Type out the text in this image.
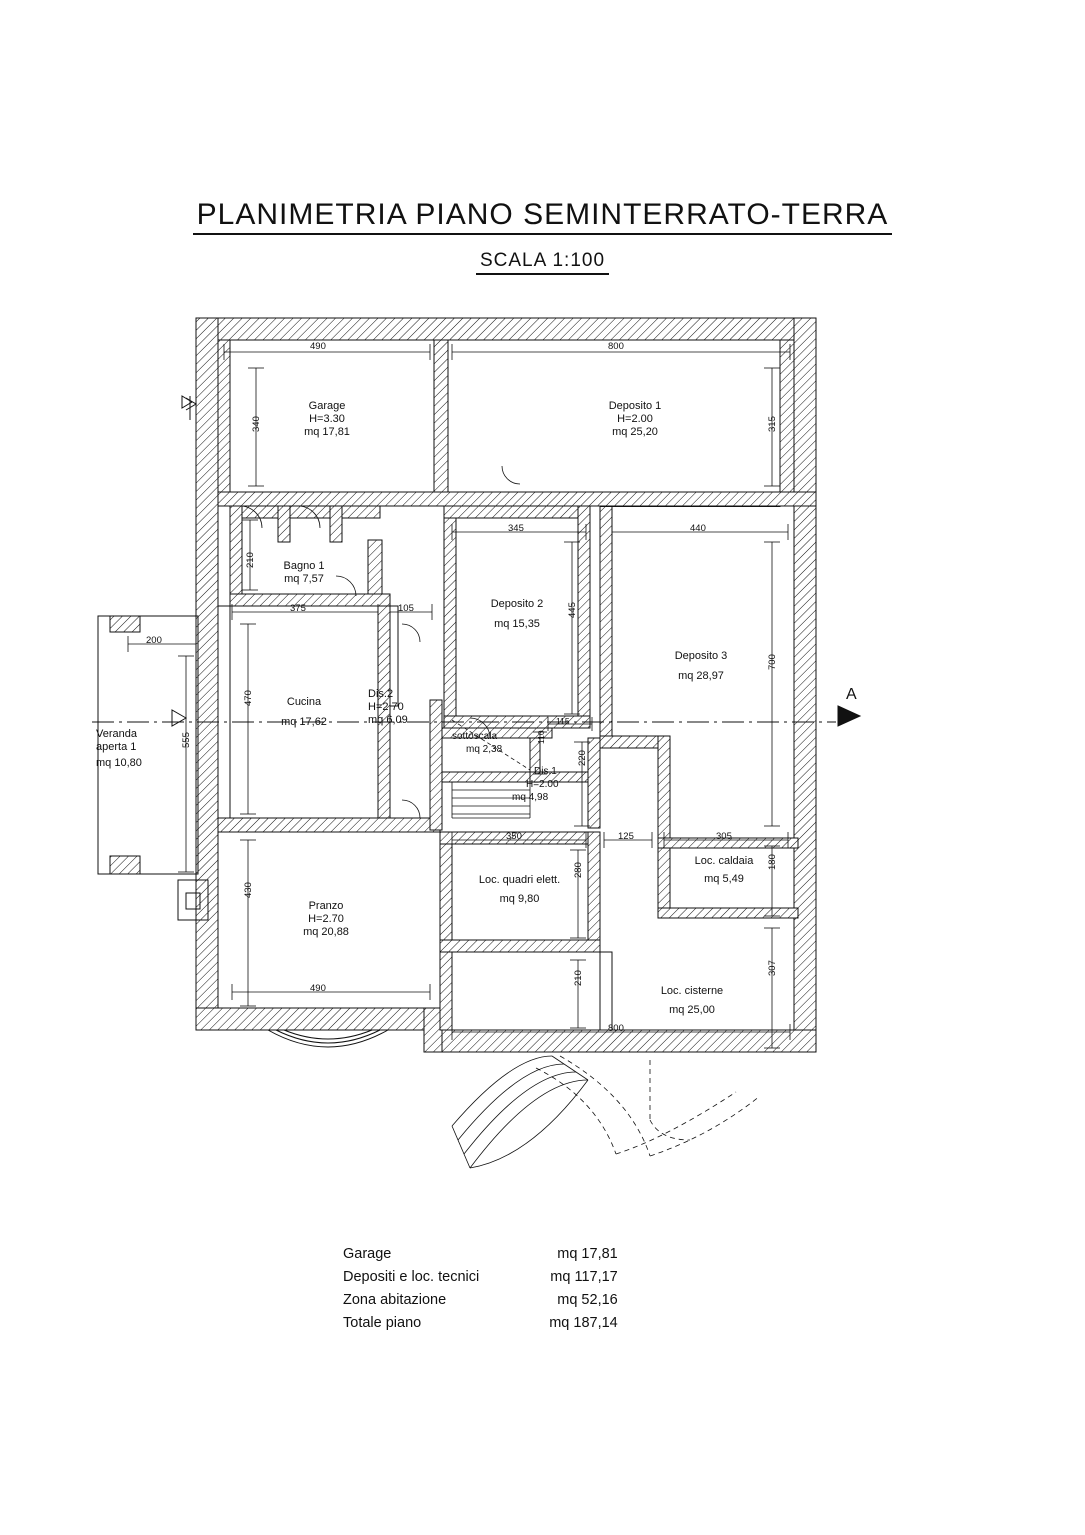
PLANIMETRIA PIANO SEMINTERRATO-TERRA
SCALA 1:100
Garage
H=3.30
mq 17,81
Deposito 1
H=2.00
mq 25,20
Bagno 1
mq 7,57
Deposito 2
mq 15,35
Deposito 3
mq 28,97
Cucina
mq 17,62
Dis.2
H=2.70
mq 6,09
sottoscala
mq 2,38
Dis.1
H=2.00
mq 4,98
Loc. caldaia
mq 5,49
Pranzo
H=2.70
mq 20,88
Loc. quadri elett.
mq 9,80
Loc. cisterne
mq 25,00
Veranda
aperta 1
mq 10,80
490	800
340	315
210
375	105
345	440
445
700
470
200
555	110
115
220
430
350
280
125	305
180
307
210
490
800
A
Garage	mq 17,81
Depositi e loc. tecnici	mq 117,17
Zona abitazione	mq 52,16
Totale piano	mq 187,14
